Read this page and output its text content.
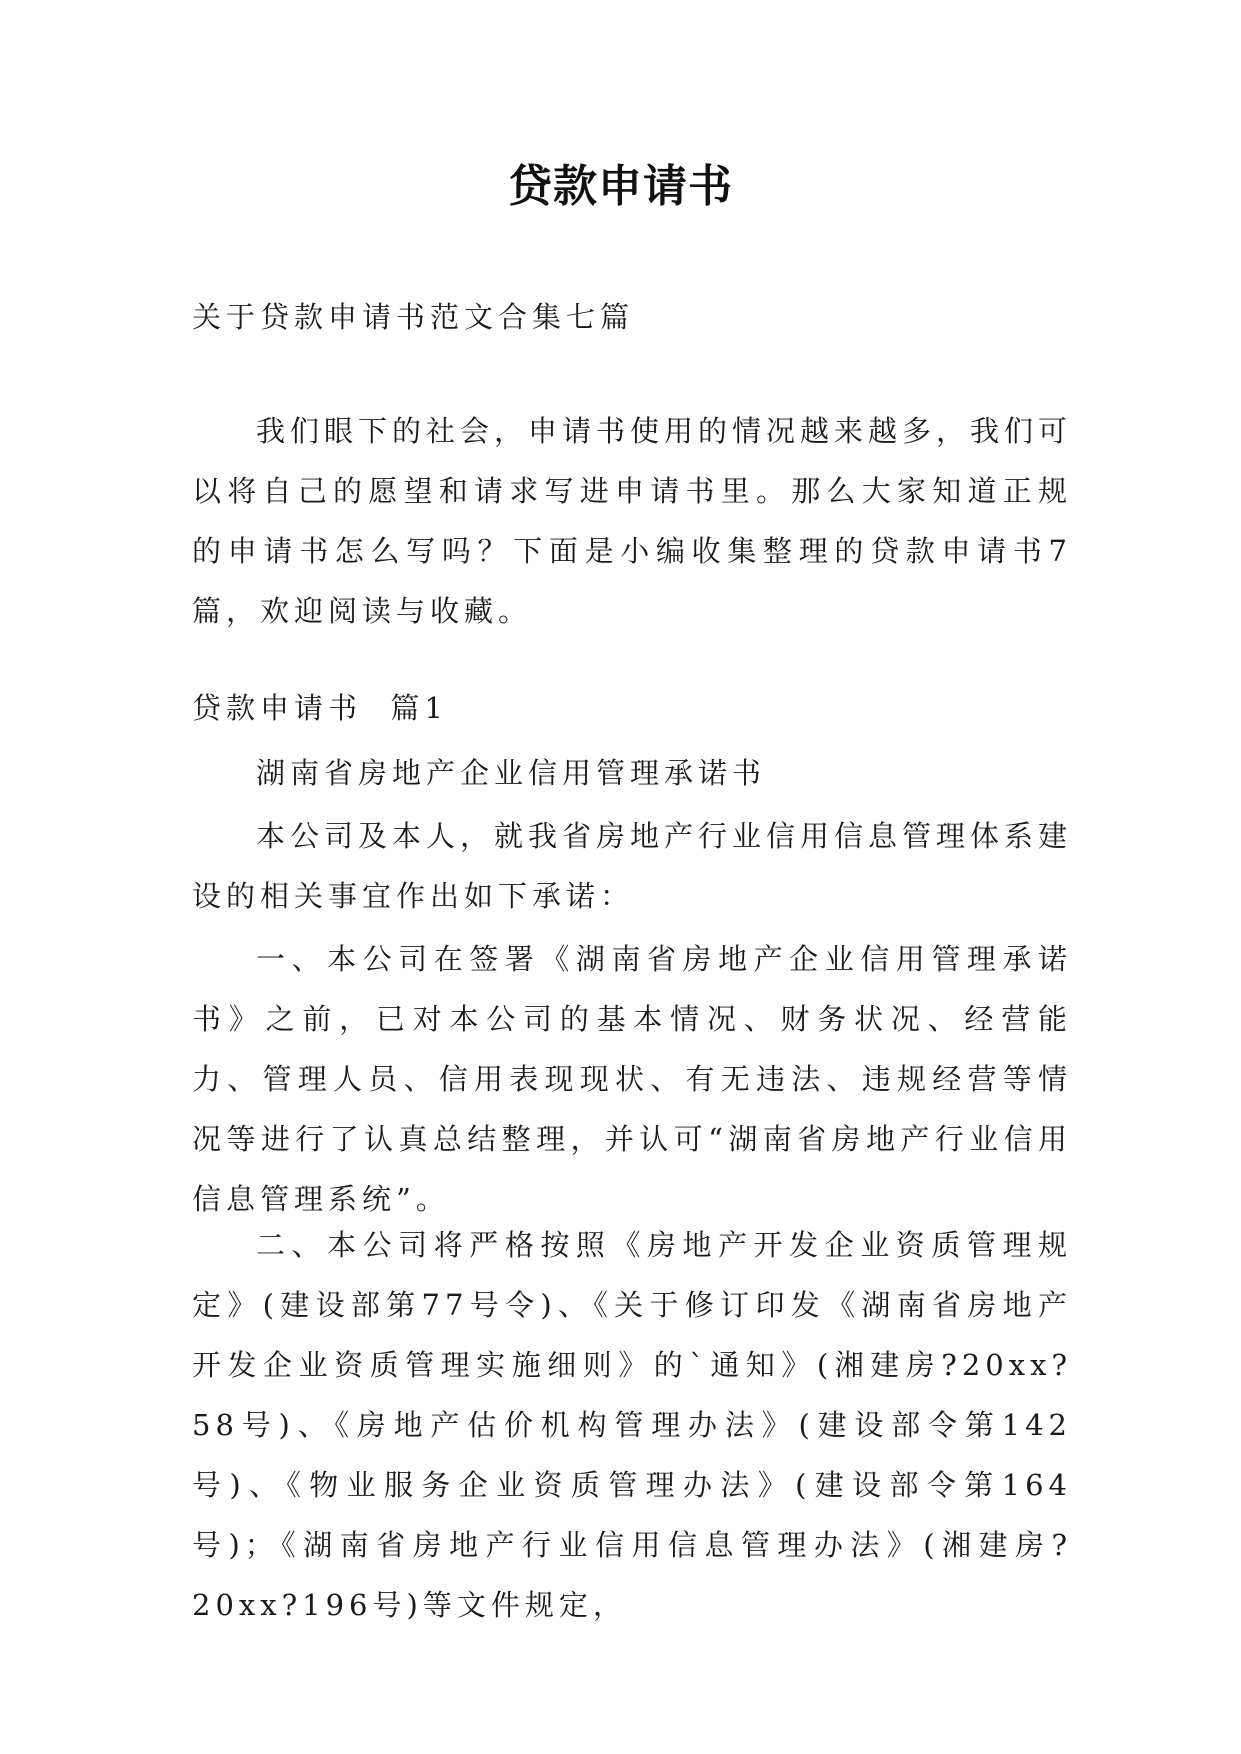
贷款申请书

关于贷款申请书范文合集七篇

我们眼下的社会，申请书使用的情况越来越多，我们可以将自己的愿望和请求写进申请书里。那么大家知道正规的申请书怎么写吗？下面是小编收集整理的贷款申请书7篇，欢迎阅读与收藏。

贷款申请书  篇1

湖南省房地产企业信用管理承诺书

本公司及本人，就我省房地产行业信用信息管理体系建设的相关事宜作出如下承诺：

一、本公司在签署《湖南省房地产企业信用管理承诺书》之前，已对本公司的基本情况、财务状况、经营能力、管理人员、信用表现现状、有无违法、违规经营等情况等进行了认真总结整理，并认可“湖南省房地产行业信用信息管理系统”。

二、本公司将严格按照《房地产开发企业资质管理规定》(建设部第77号令)、《关于修订印发《湖南省房地产开发企业资质管理实施细则》的`通知》(湘建房?20xx?58号)、《房地产估价机构管理办法》(建设部令第142号)、《物业服务企业资质管理办法》(建设部令第164号)；《湖南省房地产行业信用信息管理办法》(湘建房?20xx?196号)等文件规定，
